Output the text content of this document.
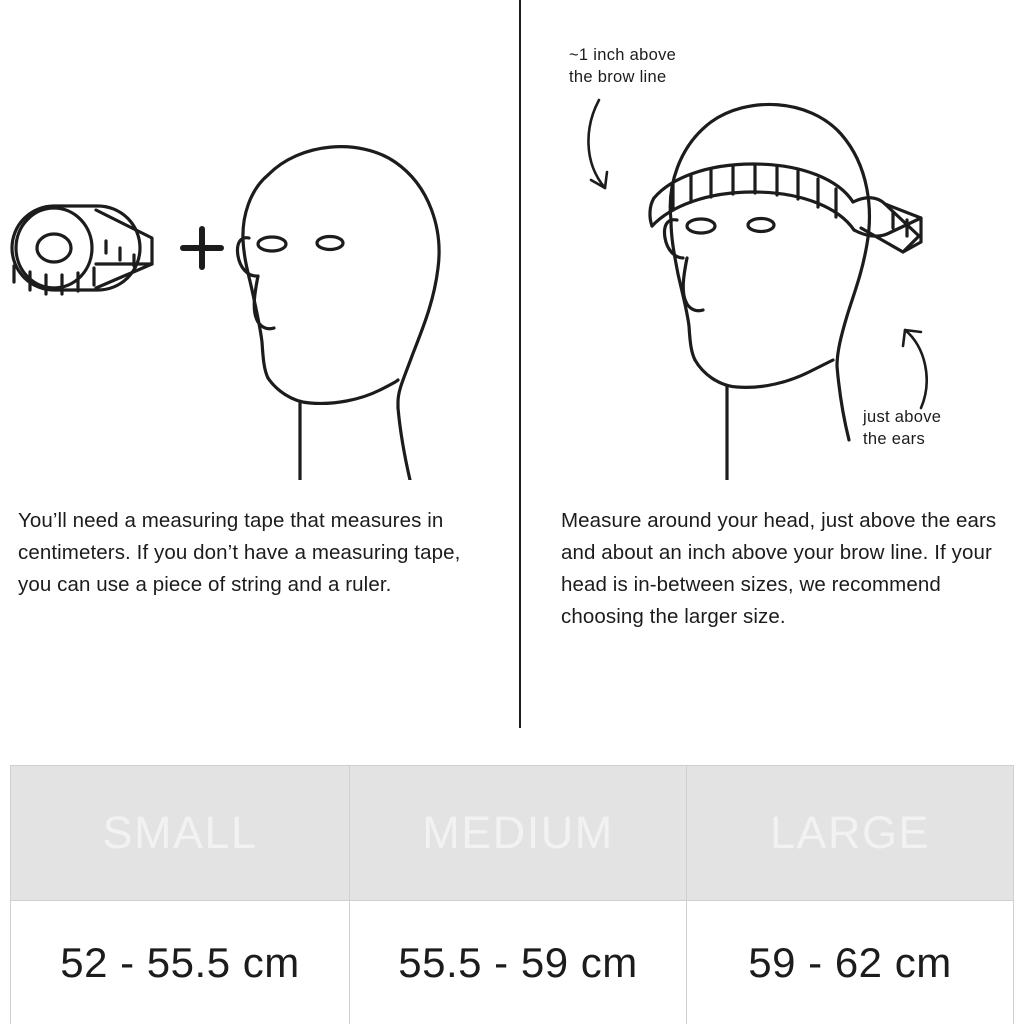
You’ll need a measuring tape that measures in centimeters. If you don’t have a measuring tape, you can use a piece of string and a ruler.
~1 inch above
the brow line
just above
the ears
Measure around your head, just above the ears and about an inch above your brow line. If your head is in-between sizes, we recommend choosing the larger size.
SMALL	MEDIUM	LARGE
52 - 55.5 cm	55.5 - 59 cm	59 - 62 cm
